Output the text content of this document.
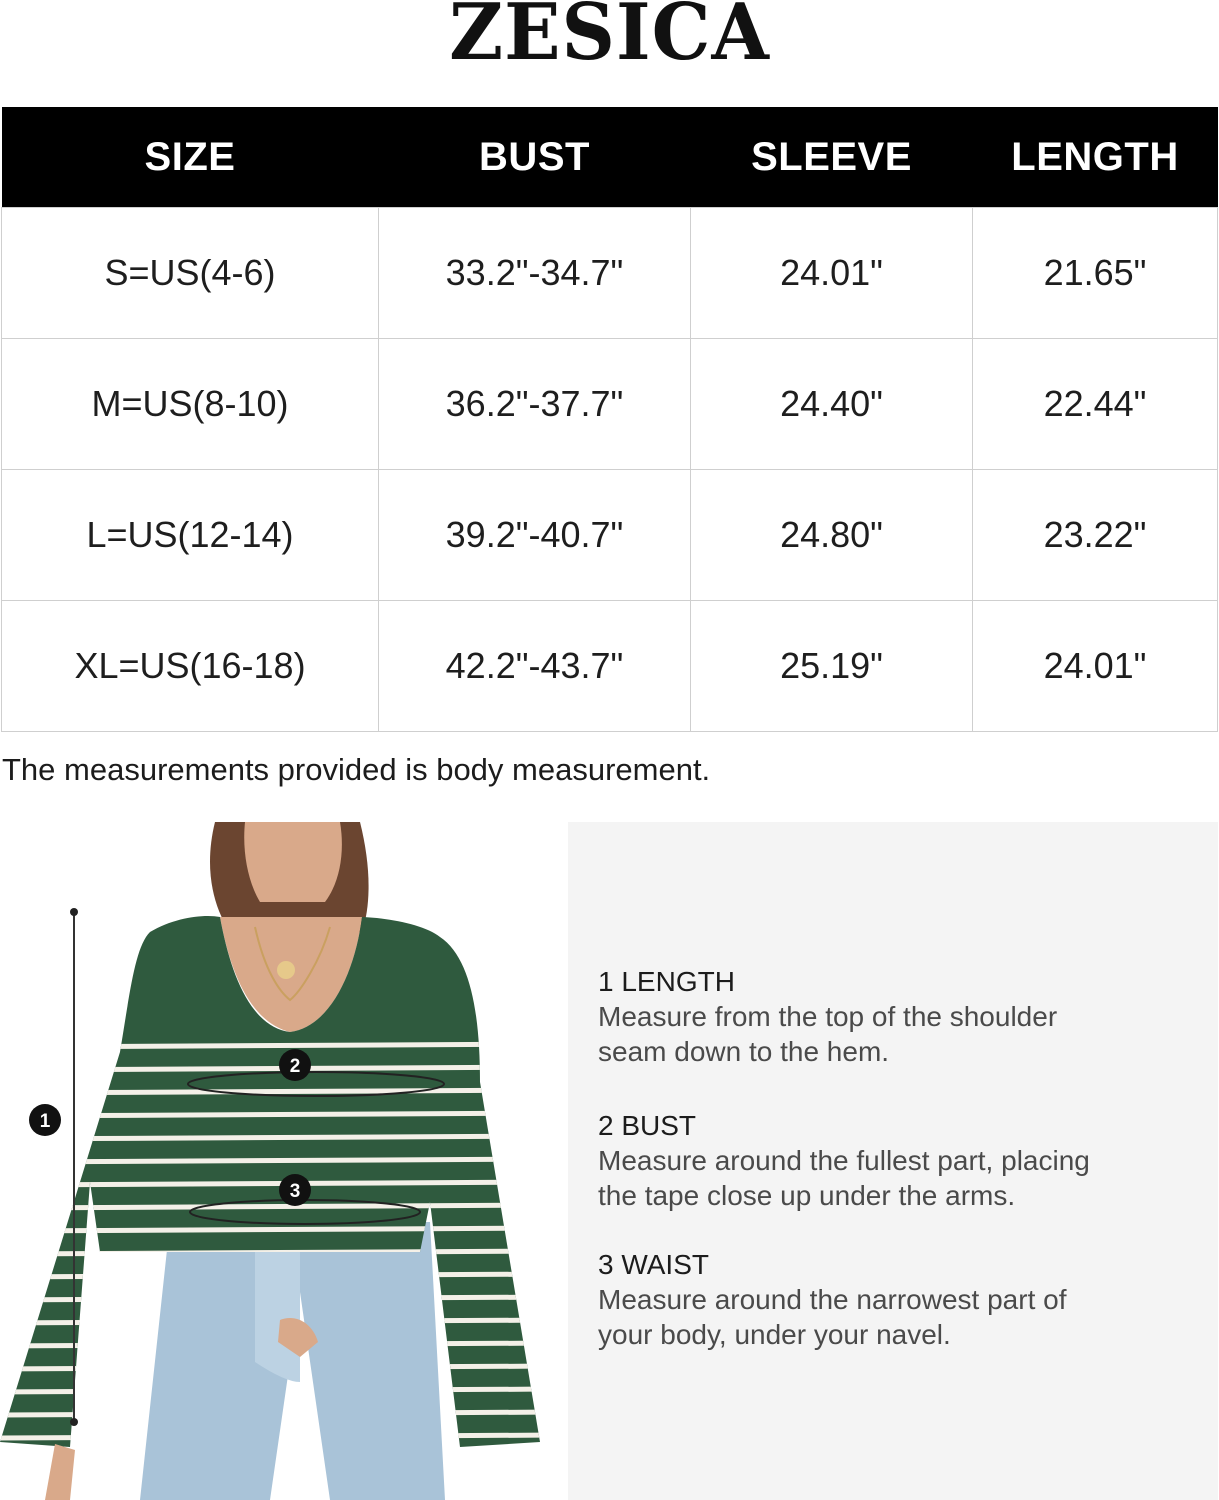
ZESICA
SIZE	BUST	SLEEVE	LENGTH
S=US(4-6)	33.2"-34.7"	24.01"	21.65"
M=US(8-10)	36.2"-37.7"	24.40"	22.44"
L=US(12-14)	39.2"-40.7"	24.80"	23.22"
XL=US(16-18)	42.2"-43.7"	25.19"	24.01"
The measurements provided is body measurement.
1
2
3
1 LENGTH
Measure from the top of the shoulder
seam down to the hem.
2 BUST
Measure around the fullest part, placing
the tape close up under the arms.
3 WAIST
Measure around the narrowest part of
your body, under your navel.
